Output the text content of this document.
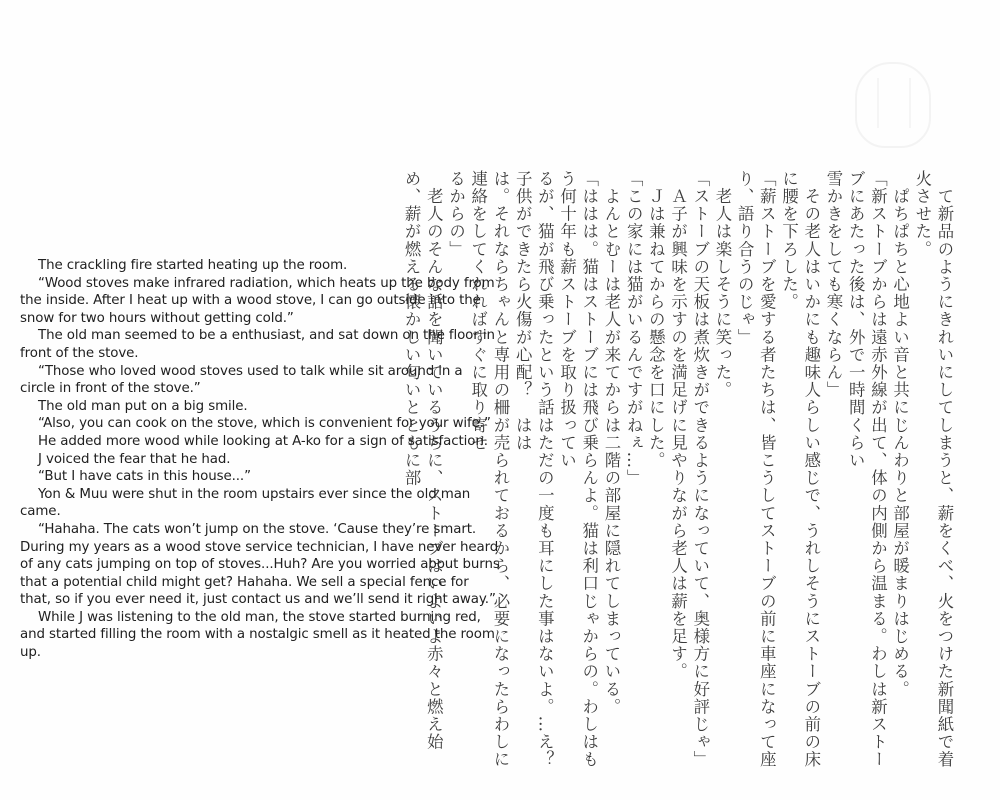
　て新品のようにきれいにしてしまうと、薪をくべ、火をつけた新聞紙で着火させた。

　ぱちぱちと心地よい音と共にじんわりと部屋が暖まりはじめる。

「新ストーブからは遠赤外線が出て、体の内側から温まる。わしは新ストーブにあたった後は、外で一時間くらい

雪かきをしても寒くならん」

　その老人はいかにも趣味人らしい感じで、うれしそうにストーブの前の床に腰を下ろした。

「薪ストーブを愛する者たちは、皆こうしてストーブの前に車座になって座り、語り合うのじゃ」

　老人は楽しそうに笑った。

「ストーブの天板は煮炊きができるようになっていて、奥様方に好評じゃ」

　Ａ子が興味を示すのを満足げに見やりながら老人は薪を足す。

　Ｊは兼ねてからの懸念を口にした。

「この家には猫がいるんですがねぇ…」

　よんとむーは老人が来てからは二階の部屋に隠れてしまっている。

「ははは。猫はストーブには飛び乗らんよ。猫は利口じゃからの。わしはもう何十年も薪ストーブを取り扱ってい

るが、猫が飛び乗ったという話はただの一度も耳にした事はないよ。…え？　子供ができたら火傷が心配？　はは

は。それならちゃんと専用の柵が売られておるから、必要になったらわしに連絡をしてくれればすぐに取り寄せ

るからの」

　老人のそんな話を聞いているうちに、ストーブはいよいよ赤々と燃え始め、薪が燃える懐かしい匂いとともに部

The crackling fire started heating up the room.

“Wood stoves make infrared radiation, which heats up the body from the inside. After I heat up with a wood stove, I can go outside into the snow for two hours without getting cold.”

The old man seemed to be a enthusiast, and sat down on the floor in front of the stove.

“Those who loved wood stoves used to talk while sit around in a circle in front of the stove.”

The old man put on a big smile.

“Also, you can cook on the stove, which is convenient for your wife.”

He added more wood while looking at A-ko for a sign of satisfaction.

J voiced the fear that he had.

“But I have cats in this house...”

Yon & Muu were shut in the room upstairs ever since the old man came.

“Hahaha. The cats won’t jump on the stove. ‘Cause they’re smart. During my years as a wood stove service technician, I have never heard of any cats jumping on top of stoves...Huh? Are you worried about burns that a potential child might get? Hahaha. We sell a special fence for that, so if you ever need it, just contact us and we’ll send it right away.”

While J was listening to the old man, the stove started burning red, and started filling the room with a nostalgic smell as it heated the room up.
